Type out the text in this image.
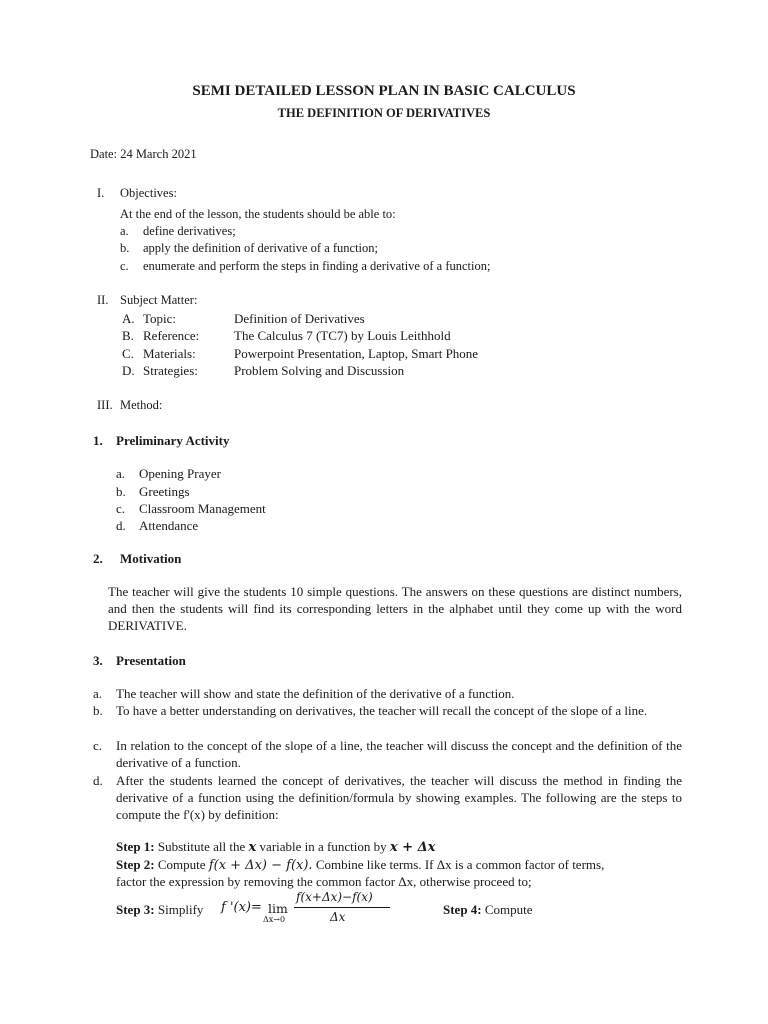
SEMI DETAILED LESSON PLAN IN BASIC CALCULUS
THE DEFINITION OF DERIVATIVES
Date: 24 March 2021
I. Objectives:
At the end of the lesson, the students should be able to:
a. define derivatives;
b. apply the definition of derivative of a function;
c. enumerate and perform the steps in finding a derivative of a function;
II. Subject Matter:
A. Topic:	Definition of Derivatives
B. Reference:	The Calculus 7 (TC7) by Louis Leithhold
C. Materials:	Powerpoint Presentation, Laptop, Smart Phone
D. Strategies:	Problem Solving and Discussion
III. Method:
1. Preliminary Activity
a. Opening Prayer
b. Greetings
c. Classroom Management
d. Attendance
2. Motivation
The teacher will give the students 10 simple questions. The answers on these questions are distinct numbers, and then the students will find its corresponding letters in the alphabet until they come up with the word DERIVATIVE.
3. Presentation
a. The teacher will show and state the definition of the derivative of a function.
b. To have a better understanding on derivatives, the teacher will recall the concept of the slope of a line.
c. In relation to the concept of the slope of a line, the teacher will discuss the concept and the definition of the derivative of a function.
d. After the students learned the concept of derivatives, the teacher will discuss the method in finding the derivative of a function using the definition/formula by showing examples. The following are the steps to compute the f'(x) by definition:
Step 1: Substitute all the x variable in a function by x + Δx
Step 2: Compute f(x + Δx) − f(x). Combine like terms. If Δx is a common factor of terms,
factor the expression by removing the common factor Δx, otherwise proceed to;
Step 3: Simplify f '(x)= lim
Δx→0
f(x+Δx)−f(x)
Δx	Step 4: Compute
